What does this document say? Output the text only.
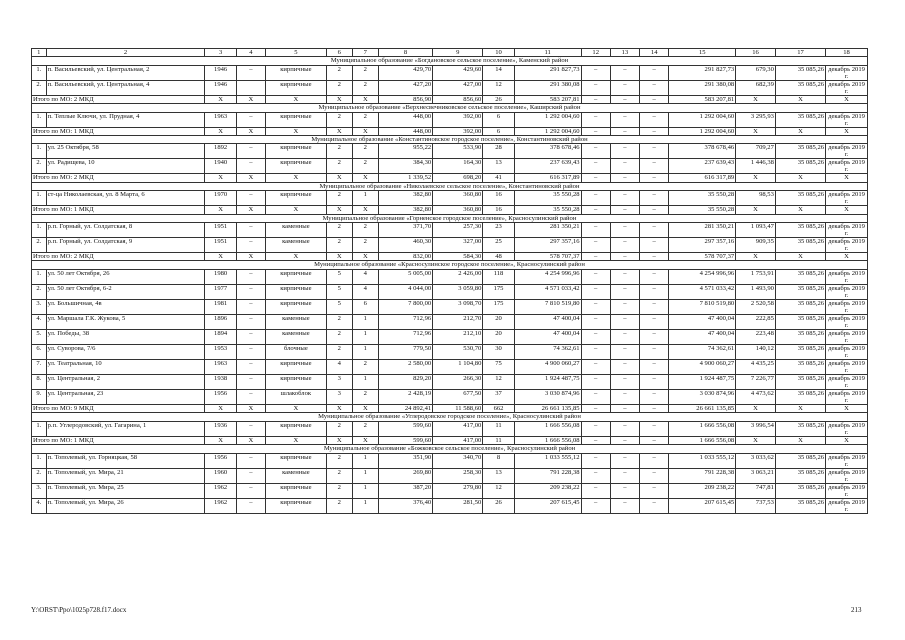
1	2	3	4	5	6	7	8	9	10	11	12	13	14	15	16	17	18
Муниципальное образование «Богдановское сельское поселение», Каменский район																	
1.	п. Васильевский, ул. Центральная, 2	1946	–	кирпичные	2	2	429,70	429,60	14	291 827,73	–	–	–	291 827,73	679,30	35 085,26	декабрь 2019 г.
2.	п. Васильевский, ул. Центральная, 4	1946		кирпичные	2	2	427,20	427,00	12	291 380,08	–	–	–	291 380,08	682,39	35 085,26	декабрь 2019 г.
Итого по МО: 2 МКД		Х	Х	Х	Х	Х	856,90	856,60	26	583 207,81	–	–	–	583 207,81	Х	Х	Х
Муниципальное образование «Верхнесвечниковское сельское поселение», Каширский район																	
1.	п. Теплые Ключи, ул. Прудная, 4	1963	–	кирпичные	2	2	448,00	392,00	6	1 292 004,60	–	–	–	1 292 004,60	3 295,93	35 085,26	декабрь 2019 г.
Итого по МО: 1 МКД		Х	Х	Х	Х	Х	448,00	392,00	6	1 292 004,60	–	–	–	1 292 004,60	Х	Х	Х
Муниципальное образование «Константиновское городское поселение», Константиновский район																	
1.	ул. 25 Октября, 58	1892	–	кирпичные	2	2	955,22	533,90	28	378 678,46	–	–	–	378 678,46	709,27	35 085,26	декабрь 2019 г.
2.	ул. Радищева, 10	1940	–	кирпичные	2	2	384,30	164,30	13	237 639,43	–	–	–	237 639,43	1 446,38	35 085,26	декабрь 2019 г.
Итого по МО: 2 МКД		Х	Х	Х	Х	Х	1 339,52	698,20	41	616 317,89	–	–	–	616 317,89	Х	Х	Х
Муниципальное образование «Николаевское сельское поселение», Константиновский район																	
1.	ст-ца Николаевская, ул. 8 Марта, 6	1970	–	кирпичные	2	1	382,80	360,80	16	35 550,28	–	–	–	35 550,28	98,53	35 085,26	декабрь 2019 г.
Итого по МО: 1 МКД		Х	Х	Х	Х	Х	382,80	360,80	16	35 550,28	–	–	–	35 550,28	Х	Х	Х
Муниципальное образование «Горненское городское поселение», Красносулинский район																	
1.	р.п. Горный, ул. Солдатская, 8	1951	–	каменные	2	2	371,70	257,30	23	281 350,21	–	–	–	281 350,21	1 093,47	35 085,26	декабрь 2019 г.
2.	р.п. Горный, ул. Солдатская, 9	1951	–	каменные	2	2	460,30	327,00	25	297 357,16	–	–	–	297 357,16	909,35	35 085,26	декабрь 2019 г.
Итого по МО: 2 МКД		Х	Х	Х	Х	Х	832,00	584,30	48	578 707,37	–	–	–	578 707,37	Х	Х	Х
Муниципальное образование «Красносулинское городское поселение», Красносулинский район																	
1.	ул. 50 лет Октября, 26	1980	–	кирпичные	5	4	5 005,00	2 426,00	118	4 254 996,96	–	–	–	4 254 996,96	1 753,91	35 085,26	декабрь 2019 г.
2.	ул. 50 лет Октября, 6-2	1977	–	кирпичные	5	4	4 044,00	3 059,80	175	4 571 033,42	–	–	–	4 571 033,42	1 493,90	35 085,26	декабрь 2019 г.
3.	ул. Большичная, 4в	1981	–	кирпичные	5	6	7 800,00	3 098,70	175	7 810 519,80	–	–	–	7 810 519,80	2 520,58	35 085,26	декабрь 2019 г.
4.	ул. Маршала Г.К. Жукова, 5	1896	–	каменные	2	1	712,96	212,70	20	47 400,04	–	–	–	47 400,04	222,85	35 085,26	декабрь 2019 г.
5.	ул. Победы, 38	1894	–	каменные	2	1	712,96	212,10	20	47 400,04	–	–	–	47 400,04	223,48	35 085,26	декабрь 2019 г.
6.	ул. Суворова, 7/6	1953	–	блочные	2	1	779,50	530,70	30	74 362,61	–	–	–	74 362,61	140,12	35 085,26	декабрь 2019 г.
7.	ул. Театральная, 10	1963	–	кирпичные	4	2	2 580,00	1 104,80	75	4 900 060,27	–	–	–	4 900 060,27	4 435,25	35 085,26	декабрь 2019 г.
8.	ул. Центральная, 2	1938	–	кирпичные	3	1	829,20	266,30	12	1 924 487,75	–	–	–	1 924 487,75	7 226,77	35 085,26	декабрь 2019 г.
9.	ул. Центральная, 23	1956	–	шлакоблок	3	2	2 428,19	677,50	37	3 030 874,96	–	–	–	3 030 874,96	4 473,62	35 085,26	декабрь 2019 г.
Итого по МО: 9 МКД		Х	Х	Х	Х	Х	24 892,41	11 588,60	662	26 661 135,85	–	–	–	26 661 135,85	Х	Х	Х
Муниципальное образование «Углеродовское городское поселение», Красносулинский район																	
1.	р.п. Углеродовский, ул. Гагарина, 1	1936	–	кирпичные	2	2	599,60	417,00	11	1 666 556,08	–	–	–	1 666 556,08	3 996,54	35 085,26	декабрь 2019 г.
Итого по МО: 1 МКД		Х	Х	Х	Х	Х	599,60	417,00	11	1 666 556,08	–	–	–	1 666 556,08	Х	Х	Х
Муниципальное образование «Божковское сельское поселение», Красносулинский район																	
1.	п. Тополевый, ул. Горняцкая, 58	1956	–	кирпичные	2	1	351,90	340,70	8	1 033 555,12	–	–	–	1 033 555,12	3 033,62	35 085,26	декабрь 2019 г.
2.	п. Тополевый, ул. Мира, 21	1960	–	каменные	2	1	269,80	258,30	13	791 228,38	–	–	–	791 228,38	3 063,21	35 085,26	декабрь 2019 г.
3.	п. Тополевый, ул. Мира, 25	1962	–	кирпичные	2	1	387,20	279,80	12	209 238,22	–	–	–	209 238,22	747,81	35 085,26	декабрь 2019 г.
4.	п. Тополевый, ул. Мира, 26	1962	–	кирпичные	2	1	376,40	281,50	26	207 615,45	–	–	–	207 615,45	737,53	35 085,26	декабрь 2019 г.
Y:\ORST\Ppo\1025p728.f17.docx	213
